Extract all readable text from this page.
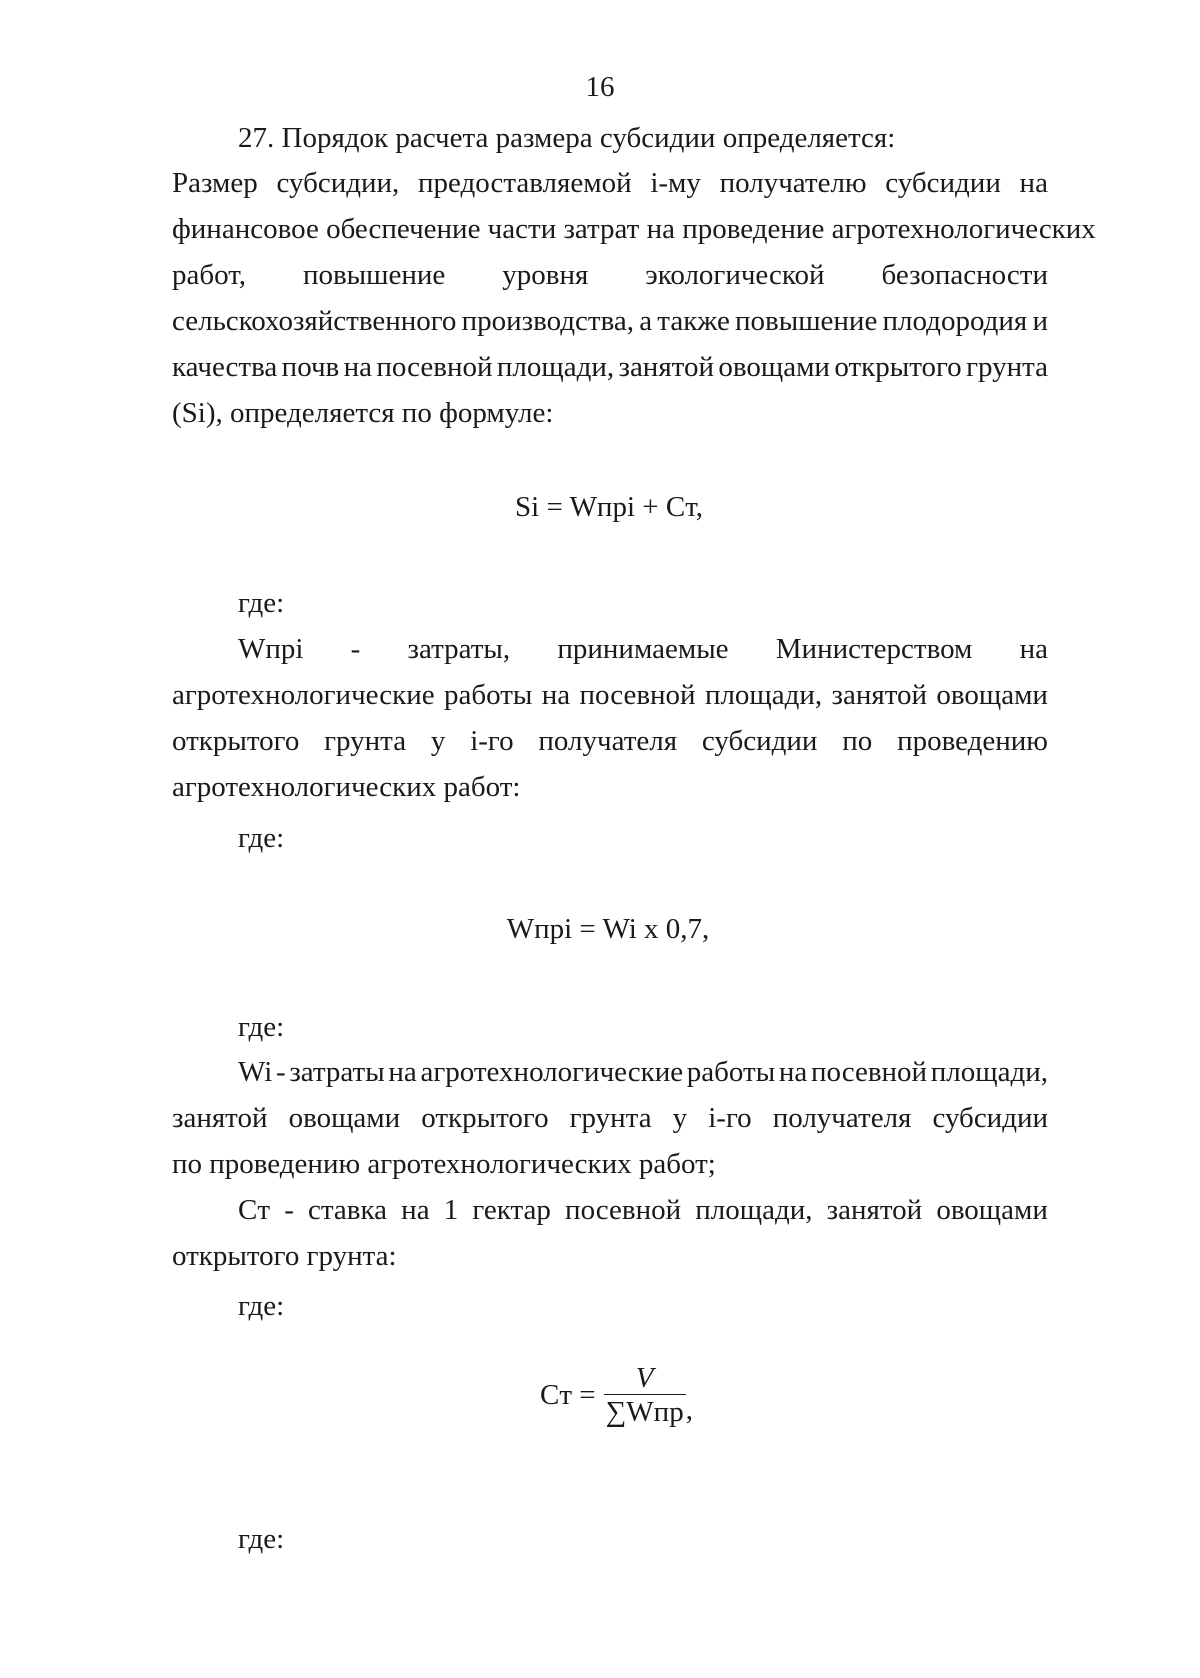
16
27. Порядок расчета размера субсидии определяется:
Размер субсидии, предоставляемой i-му получателю субсидии на
финансовое обеспечение части затрат на проведение агротехнологических
работ, повышение уровня экологической безопасности
сельскохозяйственного производства, а также повышение плодородия и
качества почв на посевной площади, занятой овощами открытого грунта
(Si), определяется по формуле:
Si = Wпрi + Cт,
где:
Wпрi - затраты, принимаемые Министерством на
агротехнологические работы на посевной площади, занятой овощами
открытого грунта у i-го получателя субсидии по проведению
агротехнологических работ:
где:
Wпрi = Wi x 0,7,
где:
Wi - затраты на агротехнологические работы на посевной площади,
занятой овощами открытого грунта у i-го получателя субсидии
по проведению агротехнологических работ;
Cт - ставка на 1 гектар посевной площади, занятой овощами
открытого грунта:
где:
Cт = $\frac{V}{\text{∑Wпр}}$ ,
где:
